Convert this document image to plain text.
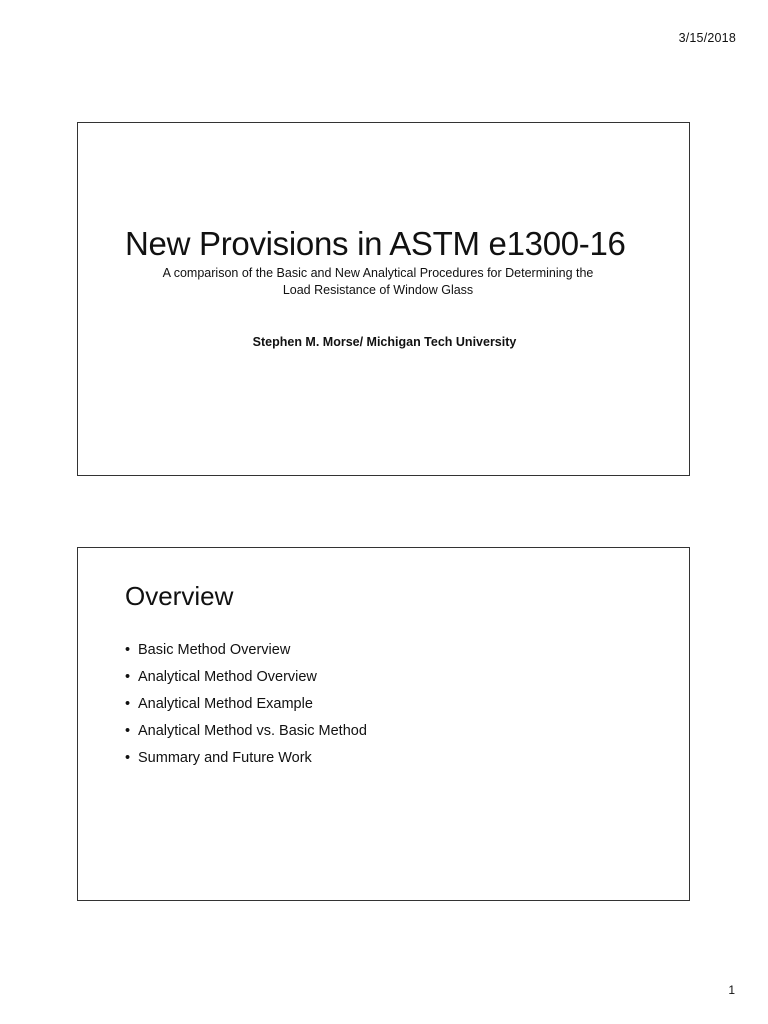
3/15/2018
New Provisions in ASTM e1300-16
A comparison of the Basic and New Analytical Procedures for Determining the
Load Resistance of Window Glass
Stephen M. Morse/ Michigan Tech University
Overview
• Basic Method Overview
• Analytical Method Overview
• Analytical Method Example
• Analytical Method vs. Basic Method
• Summary and Future Work
1
